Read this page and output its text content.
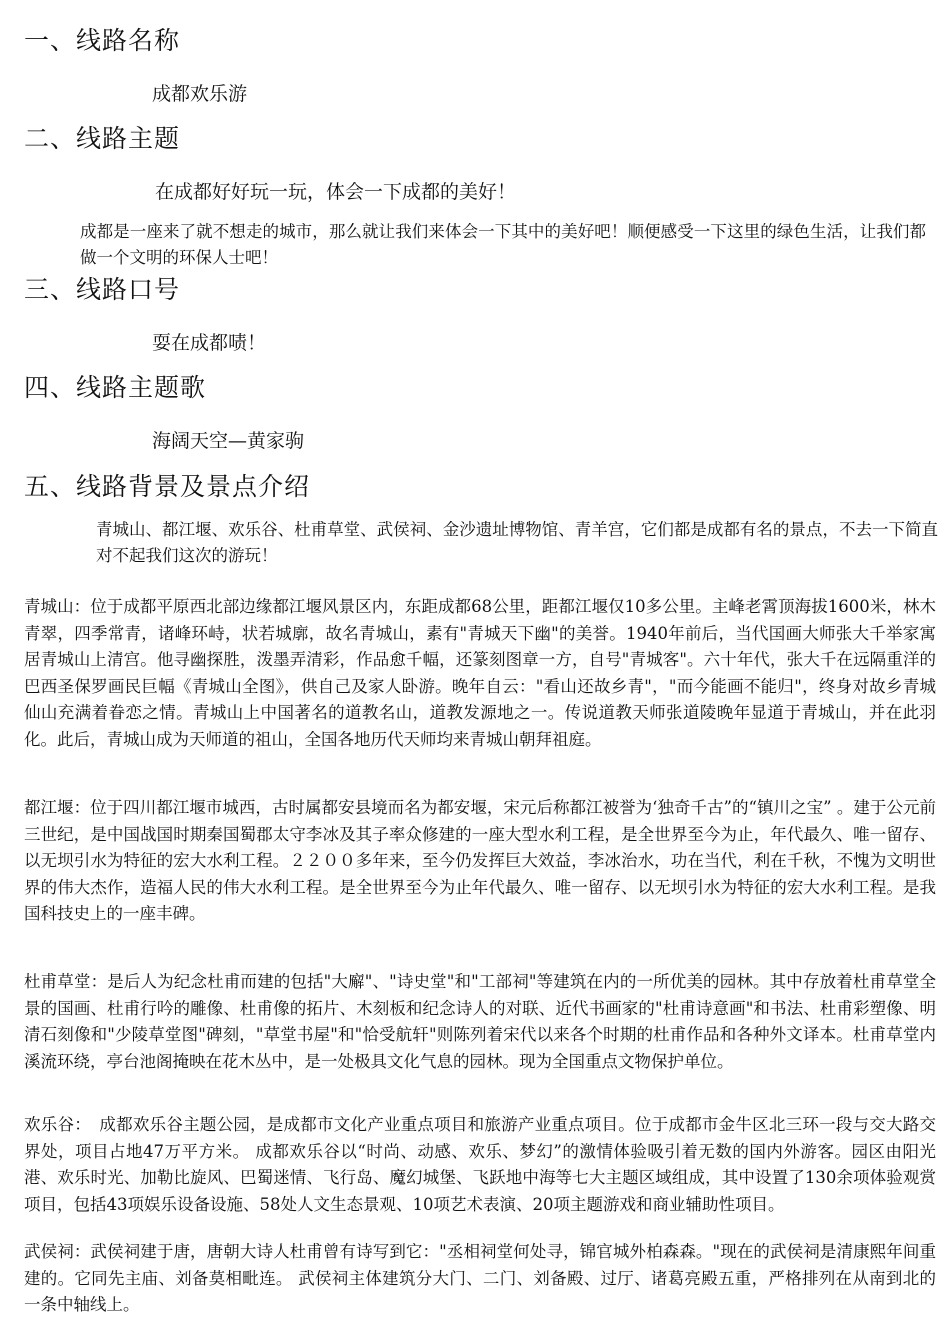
一、线路名称
成都欢乐游
二、线路主题
在成都好好玩一玩，体会一下成都的美好！
成都是一座来了就不想走的城市，那么就让我们来体会一下其中的美好吧！顺便感受一下这里的绿色生活，让我们都做一个文明的环保人士吧！
三、线路口号
耍在成都啧！
四、线路主题歌
海阔天空—黄家驹
五、线路背景及景点介绍
青城山、都江堰、欢乐谷、杜甫草堂、武侯祠、金沙遗址博物馆、青羊宫，它们都是成都有名的景点，不去一下简直对不起我们这次的游玩！
青城山：位于成都平原西北部边缘都江堰风景区内，东距成都68公里，距都江堰仅10多公里。主峰老霄顶海拔1600米，林木青翠，四季常青，诸峰环峙，状若城廓，故名青城山，素有"青城天下幽"的美誉。1940年前后，当代国画大师张大千举家寓居青城山上清宫。他寻幽探胜，泼墨弄清彩，作品愈千幅，还篆刻图章一方，自号"青城客"。六十年代，张大千在远隔重洋的巴西圣保罗画民巨幅《青城山全图》，供自己及家人卧游。晚年自云："看山还故乡青"，"而今能画不能归"，终身对故乡青城仙山充满着眷恋之情。青城山上中国著名的道教名山，道教发源地之一。传说道教天师张道陵晚年显道于青城山，并在此羽化。此后，青城山成为天师道的祖山，全国各地历代天师均来青城山朝拜祖庭。
都江堰：位于四川都江堰市城西，古时属都安县境而名为都安堰，宋元后称都江被誉为‘独奇千古”的“镇川之宝” 。建于公元前三世纪，是中国战国时期秦国蜀郡太守李冰及其子率众修建的一座大型水利工程，是全世界至今为止，年代最久、唯一留存、以无坝引水为特征的宏大水利工程。２２００多年来，至今仍发挥巨大效益，李冰治水，功在当代，利在千秋，不愧为文明世界的伟大杰作，造福人民的伟大水利工程。是全世界至今为止年代最久、唯一留存、以无坝引水为特征的宏大水利工程。是我国科技史上的一座丰碑。
杜甫草堂：是后人为纪念杜甫而建的包括"大廨"、"诗史堂"和"工部祠"等建筑在内的一所优美的园林。其中存放着杜甫草堂全景的国画、杜甫行吟的雕像、杜甫像的拓片、木刻板和纪念诗人的对联、近代书画家的"杜甫诗意画"和书法、杜甫彩塑像、明清石刻像和"少陵草堂图"碑刻，"草堂书屋"和"恰受航轩"则陈列着宋代以来各个时期的杜甫作品和各种外文译本。杜甫草堂内溪流环绕，亭台池阁掩映在花木丛中，是一处极具文化气息的园林。现为全国重点文物保护单位。
欢乐谷：　成都欢乐谷主题公园，是成都市文化产业重点项目和旅游产业重点项目。位于成都市金牛区北三环一段与交大路交界处，项目占地47万平方米。 成都欢乐谷以“时尚、动感、欢乐、梦幻”的激情体验吸引着无数的国内外游客。园区由阳光港、欢乐时光、加勒比旋风、巴蜀迷情、飞行岛、魔幻城堡、飞跃地中海等七大主题区域组成，其中设置了130余项体验观赏项目，包括43项娱乐设备设施、58处人文生态景观、10项艺术表演、20项主题游戏和商业辅助性项目。
武侯祠：武侯祠建于唐，唐朝大诗人杜甫曾有诗写到它："丞相祠堂何处寻，锦官城外柏森森。"现在的武侯祠是清康熙年间重建的。它同先主庙、刘备莫相毗连。 武侯祠主体建筑分大门、二门、刘备殿、过厅、诸葛亮殿五重，严格排列在从南到北的一条中轴线上。
